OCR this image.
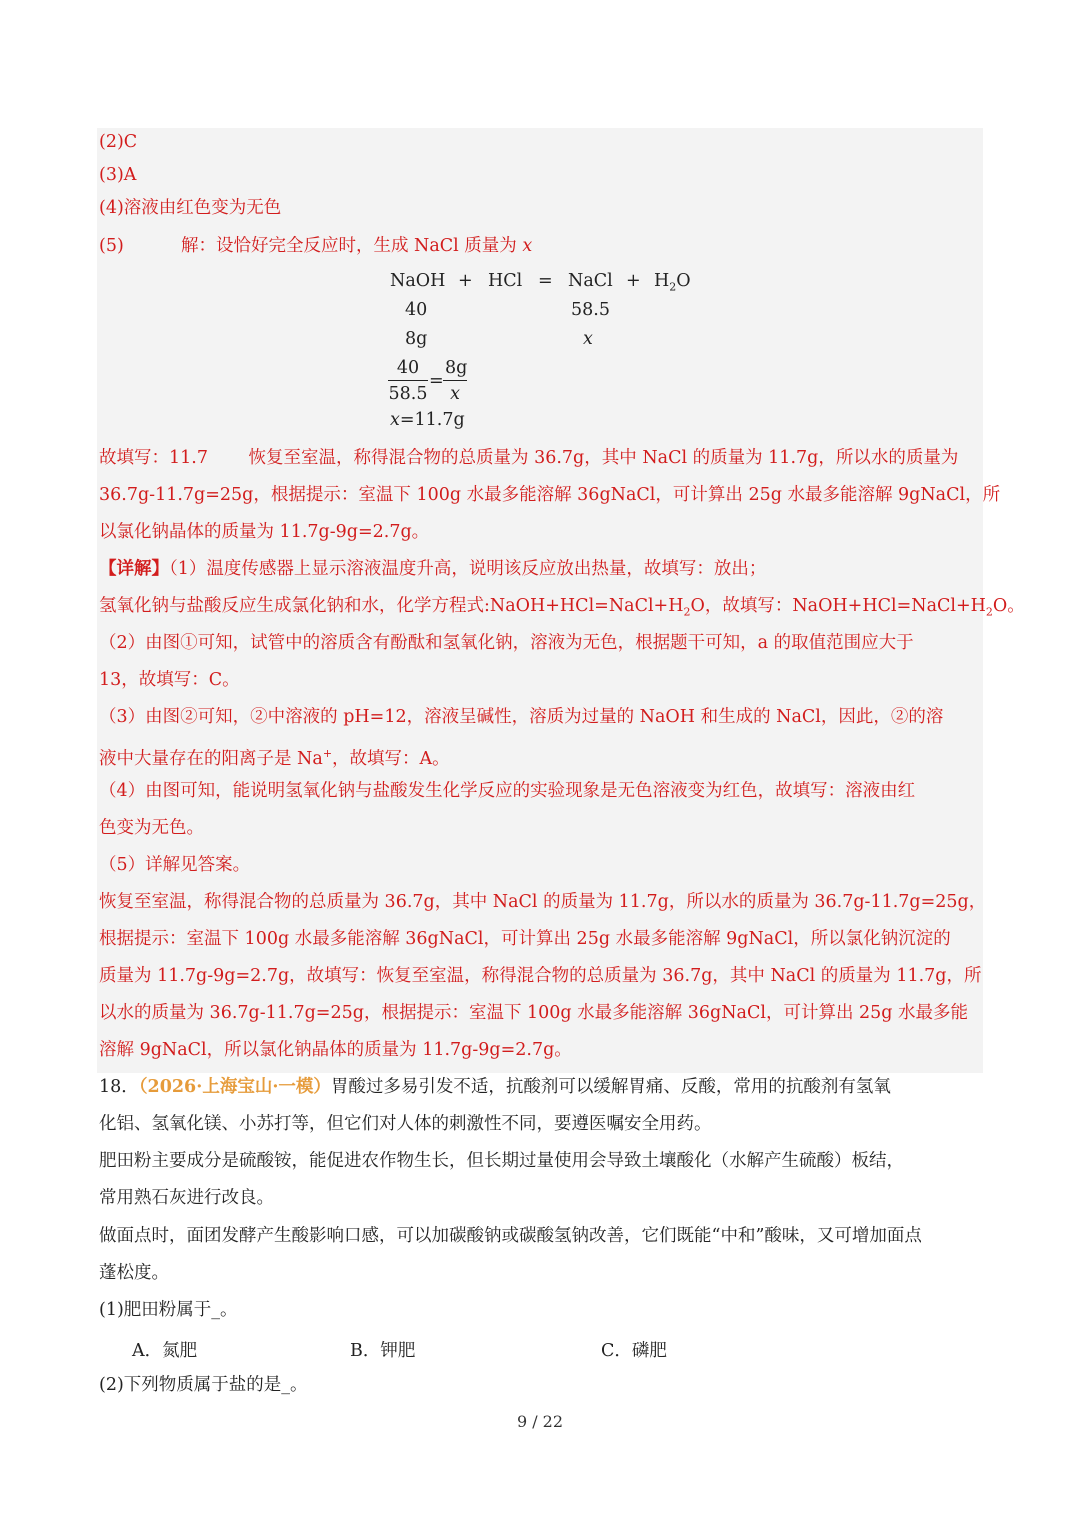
(2)C
(3)A
(4)溶液由红色变为无色
(5)	解：设恰好完全反应时，生成 NaCl 质量为 x
NaOH + HCl = NaCl + $H_2O$
40	58.5
8g	x
$\frac{40}{58.5} = \frac{8g}{x}$
x=11.7g
故填写：11.7　　 恢复至室温，称得混合物的总质量为 36.7g，其中 NaCl 的质量为 11.7g，所以水的质量为
36.7g-11.7g=25g，根据提示：室温下 100g 水最多能溶解 36gNaCl，可计算出 25g 水最多能溶解 9gNaCl，所
以氯化钠晶体的质量为 11.7g-9g=2.7g。
【详解】（1）温度传感器上显示溶液温度升高，说明该反应放出热量，故填写：放出；
氢氧化钠与盐酸反应生成氯化钠和水，化学方程式$:NaOH+HCl=NaCl+H_2O$，故填写：$NaOH+HCl=NaCl+H_2O$。
（2）由图①可知，试管中的溶质含有酚酞和氢氧化钠，溶液为无色，根据题干可知，a 的取值范围应大于
13，故填写：C。
（3）由图②可知，②中溶液的 pH=12，溶液呈碱性，溶质为过量的 NaOH 和生成的 NaCl，因此，②的溶
液中大量存在的阳离子是 Na+，故填写：A。
（4）由图可知，能说明氢氧化钠与盐酸发生化学反应的实验现象是无色溶液变为红色，故填写：溶液由红
色变为无色。
（5）详解见答案。
恢复至室温，称得混合物的总质量为 36.7g，其中 NaCl 的质量为 11.7g，所以水的质量为 36.7g-11.7g=25g，
根据提示：室温下 100g 水最多能溶解 36gNaCl，可计算出 25g 水最多能溶解 9gNaCl，所以氯化钠沉淀的
质量为 11.7g-9g=2.7g，故填写：恢复至室温，称得混合物的总质量为 36.7g，其中 NaCl 的质量为 11.7g，所
以水的质量为 36.7g-11.7g=25g，根据提示：室温下 100g 水最多能溶解 36gNaCl，可计算出 25g 水最多能
溶解 9gNaCl，所以氯化钠晶体的质量为 11.7g-9g=2.7g。
18．（2026·上海宝山·一模）胃酸过多易引发不适，抗酸剂可以缓解胃痛、反酸，常用的抗酸剂有氢氧
化铝、氢氧化镁、小苏打等，但它们对人体的刺激性不同，要遵医嘱安全用药。
肥田粉主要成分是硫酸铵，能促进农作物生长，但长期过量使用会导致土壤酸化（水解产生硫酸）板结，
常用熟石灰进行改良。
做面点时，面团发酵产生酸影响口感，可以加碳酸钠或碳酸氢钠改善，它们既能“中和”酸味，又可增加面点
蓬松度。
(1)肥田粉属于_。
A．氮肥	B．钾肥	C．磷肥
(2)下列物质属于盐的是_。
9 / 22
